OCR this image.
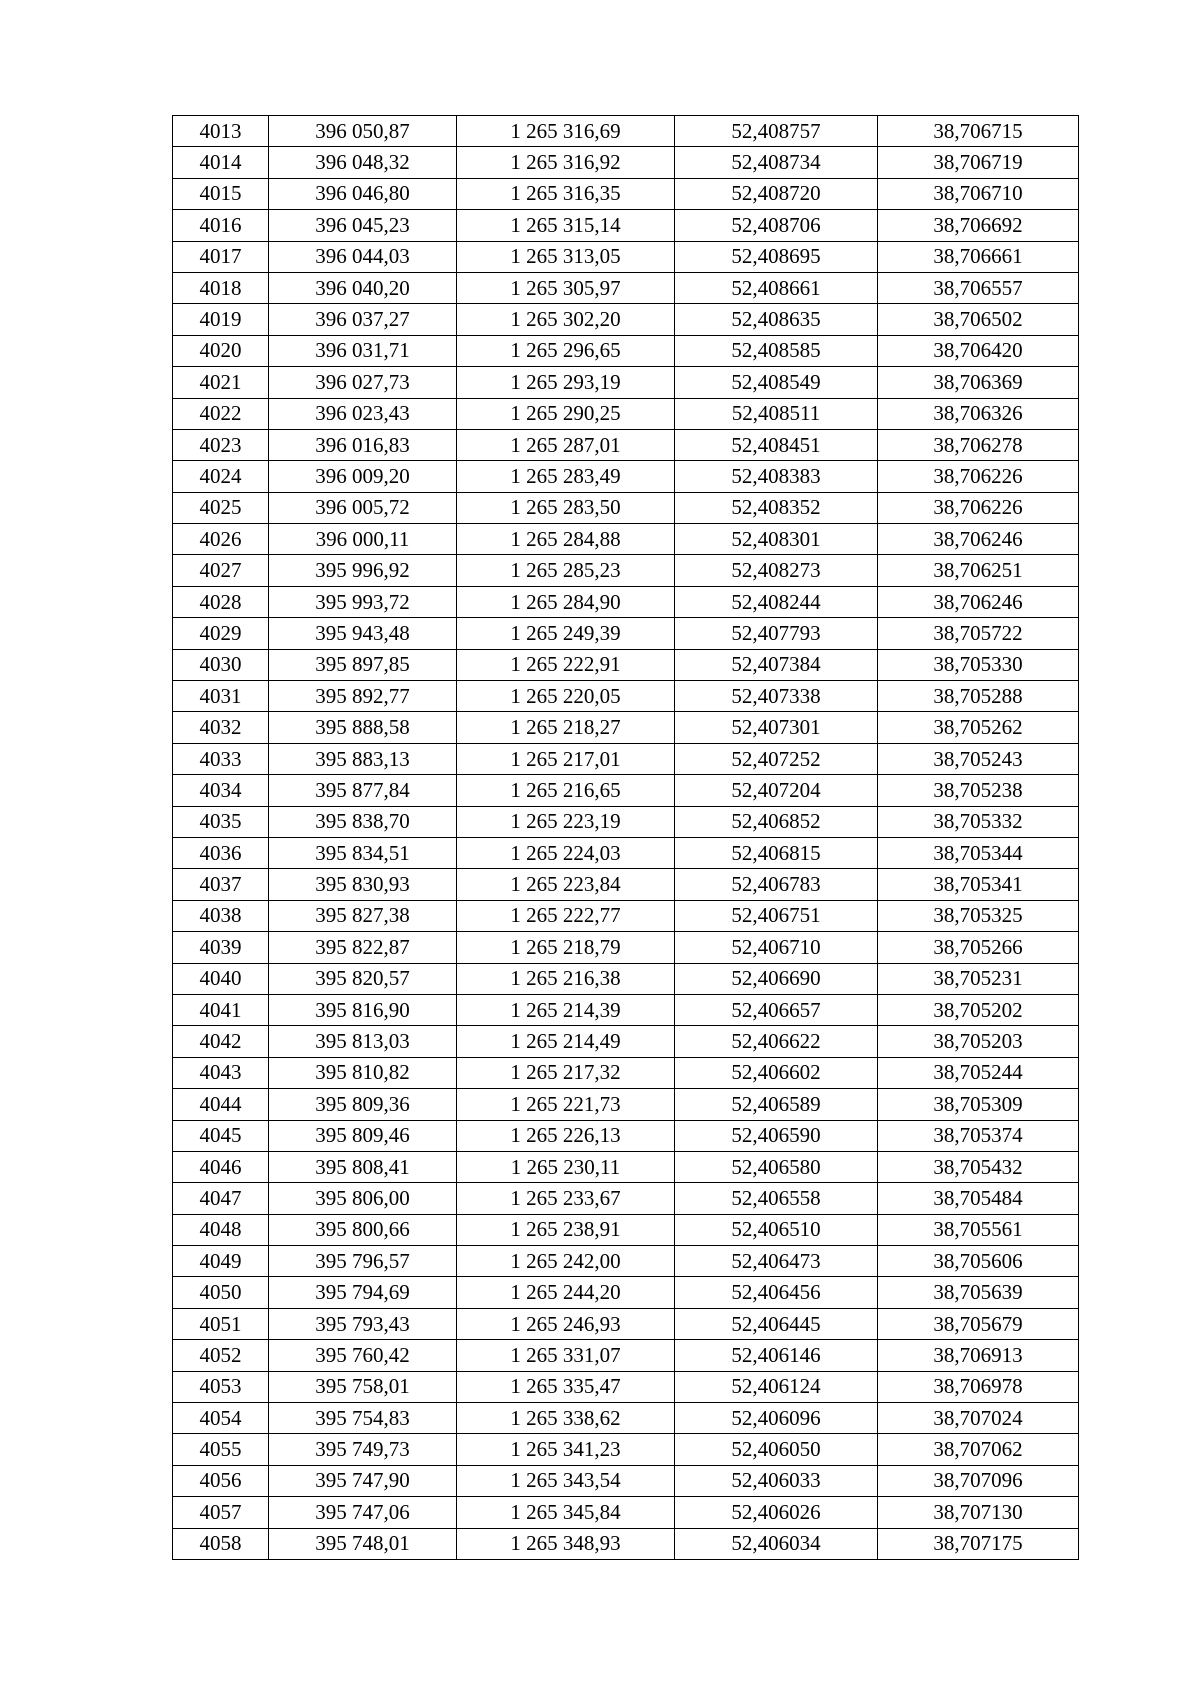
4013	396 050,87	1 265 316,69	52,408757	38,706715
4014	396 048,32	1 265 316,92	52,408734	38,706719
4015	396 046,80	1 265 316,35	52,408720	38,706710
4016	396 045,23	1 265 315,14	52,408706	38,706692
4017	396 044,03	1 265 313,05	52,408695	38,706661
4018	396 040,20	1 265 305,97	52,408661	38,706557
4019	396 037,27	1 265 302,20	52,408635	38,706502
4020	396 031,71	1 265 296,65	52,408585	38,706420
4021	396 027,73	1 265 293,19	52,408549	38,706369
4022	396 023,43	1 265 290,25	52,408511	38,706326
4023	396 016,83	1 265 287,01	52,408451	38,706278
4024	396 009,20	1 265 283,49	52,408383	38,706226
4025	396 005,72	1 265 283,50	52,408352	38,706226
4026	396 000,11	1 265 284,88	52,408301	38,706246
4027	395 996,92	1 265 285,23	52,408273	38,706251
4028	395 993,72	1 265 284,90	52,408244	38,706246
4029	395 943,48	1 265 249,39	52,407793	38,705722
4030	395 897,85	1 265 222,91	52,407384	38,705330
4031	395 892,77	1 265 220,05	52,407338	38,705288
4032	395 888,58	1 265 218,27	52,407301	38,705262
4033	395 883,13	1 265 217,01	52,407252	38,705243
4034	395 877,84	1 265 216,65	52,407204	38,705238
4035	395 838,70	1 265 223,19	52,406852	38,705332
4036	395 834,51	1 265 224,03	52,406815	38,705344
4037	395 830,93	1 265 223,84	52,406783	38,705341
4038	395 827,38	1 265 222,77	52,406751	38,705325
4039	395 822,87	1 265 218,79	52,406710	38,705266
4040	395 820,57	1 265 216,38	52,406690	38,705231
4041	395 816,90	1 265 214,39	52,406657	38,705202
4042	395 813,03	1 265 214,49	52,406622	38,705203
4043	395 810,82	1 265 217,32	52,406602	38,705244
4044	395 809,36	1 265 221,73	52,406589	38,705309
4045	395 809,46	1 265 226,13	52,406590	38,705374
4046	395 808,41	1 265 230,11	52,406580	38,705432
4047	395 806,00	1 265 233,67	52,406558	38,705484
4048	395 800,66	1 265 238,91	52,406510	38,705561
4049	395 796,57	1 265 242,00	52,406473	38,705606
4050	395 794,69	1 265 244,20	52,406456	38,705639
4051	395 793,43	1 265 246,93	52,406445	38,705679
4052	395 760,42	1 265 331,07	52,406146	38,706913
4053	395 758,01	1 265 335,47	52,406124	38,706978
4054	395 754,83	1 265 338,62	52,406096	38,707024
4055	395 749,73	1 265 341,23	52,406050	38,707062
4056	395 747,90	1 265 343,54	52,406033	38,707096
4057	395 747,06	1 265 345,84	52,406026	38,707130
4058	395 748,01	1 265 348,93	52,406034	38,707175
